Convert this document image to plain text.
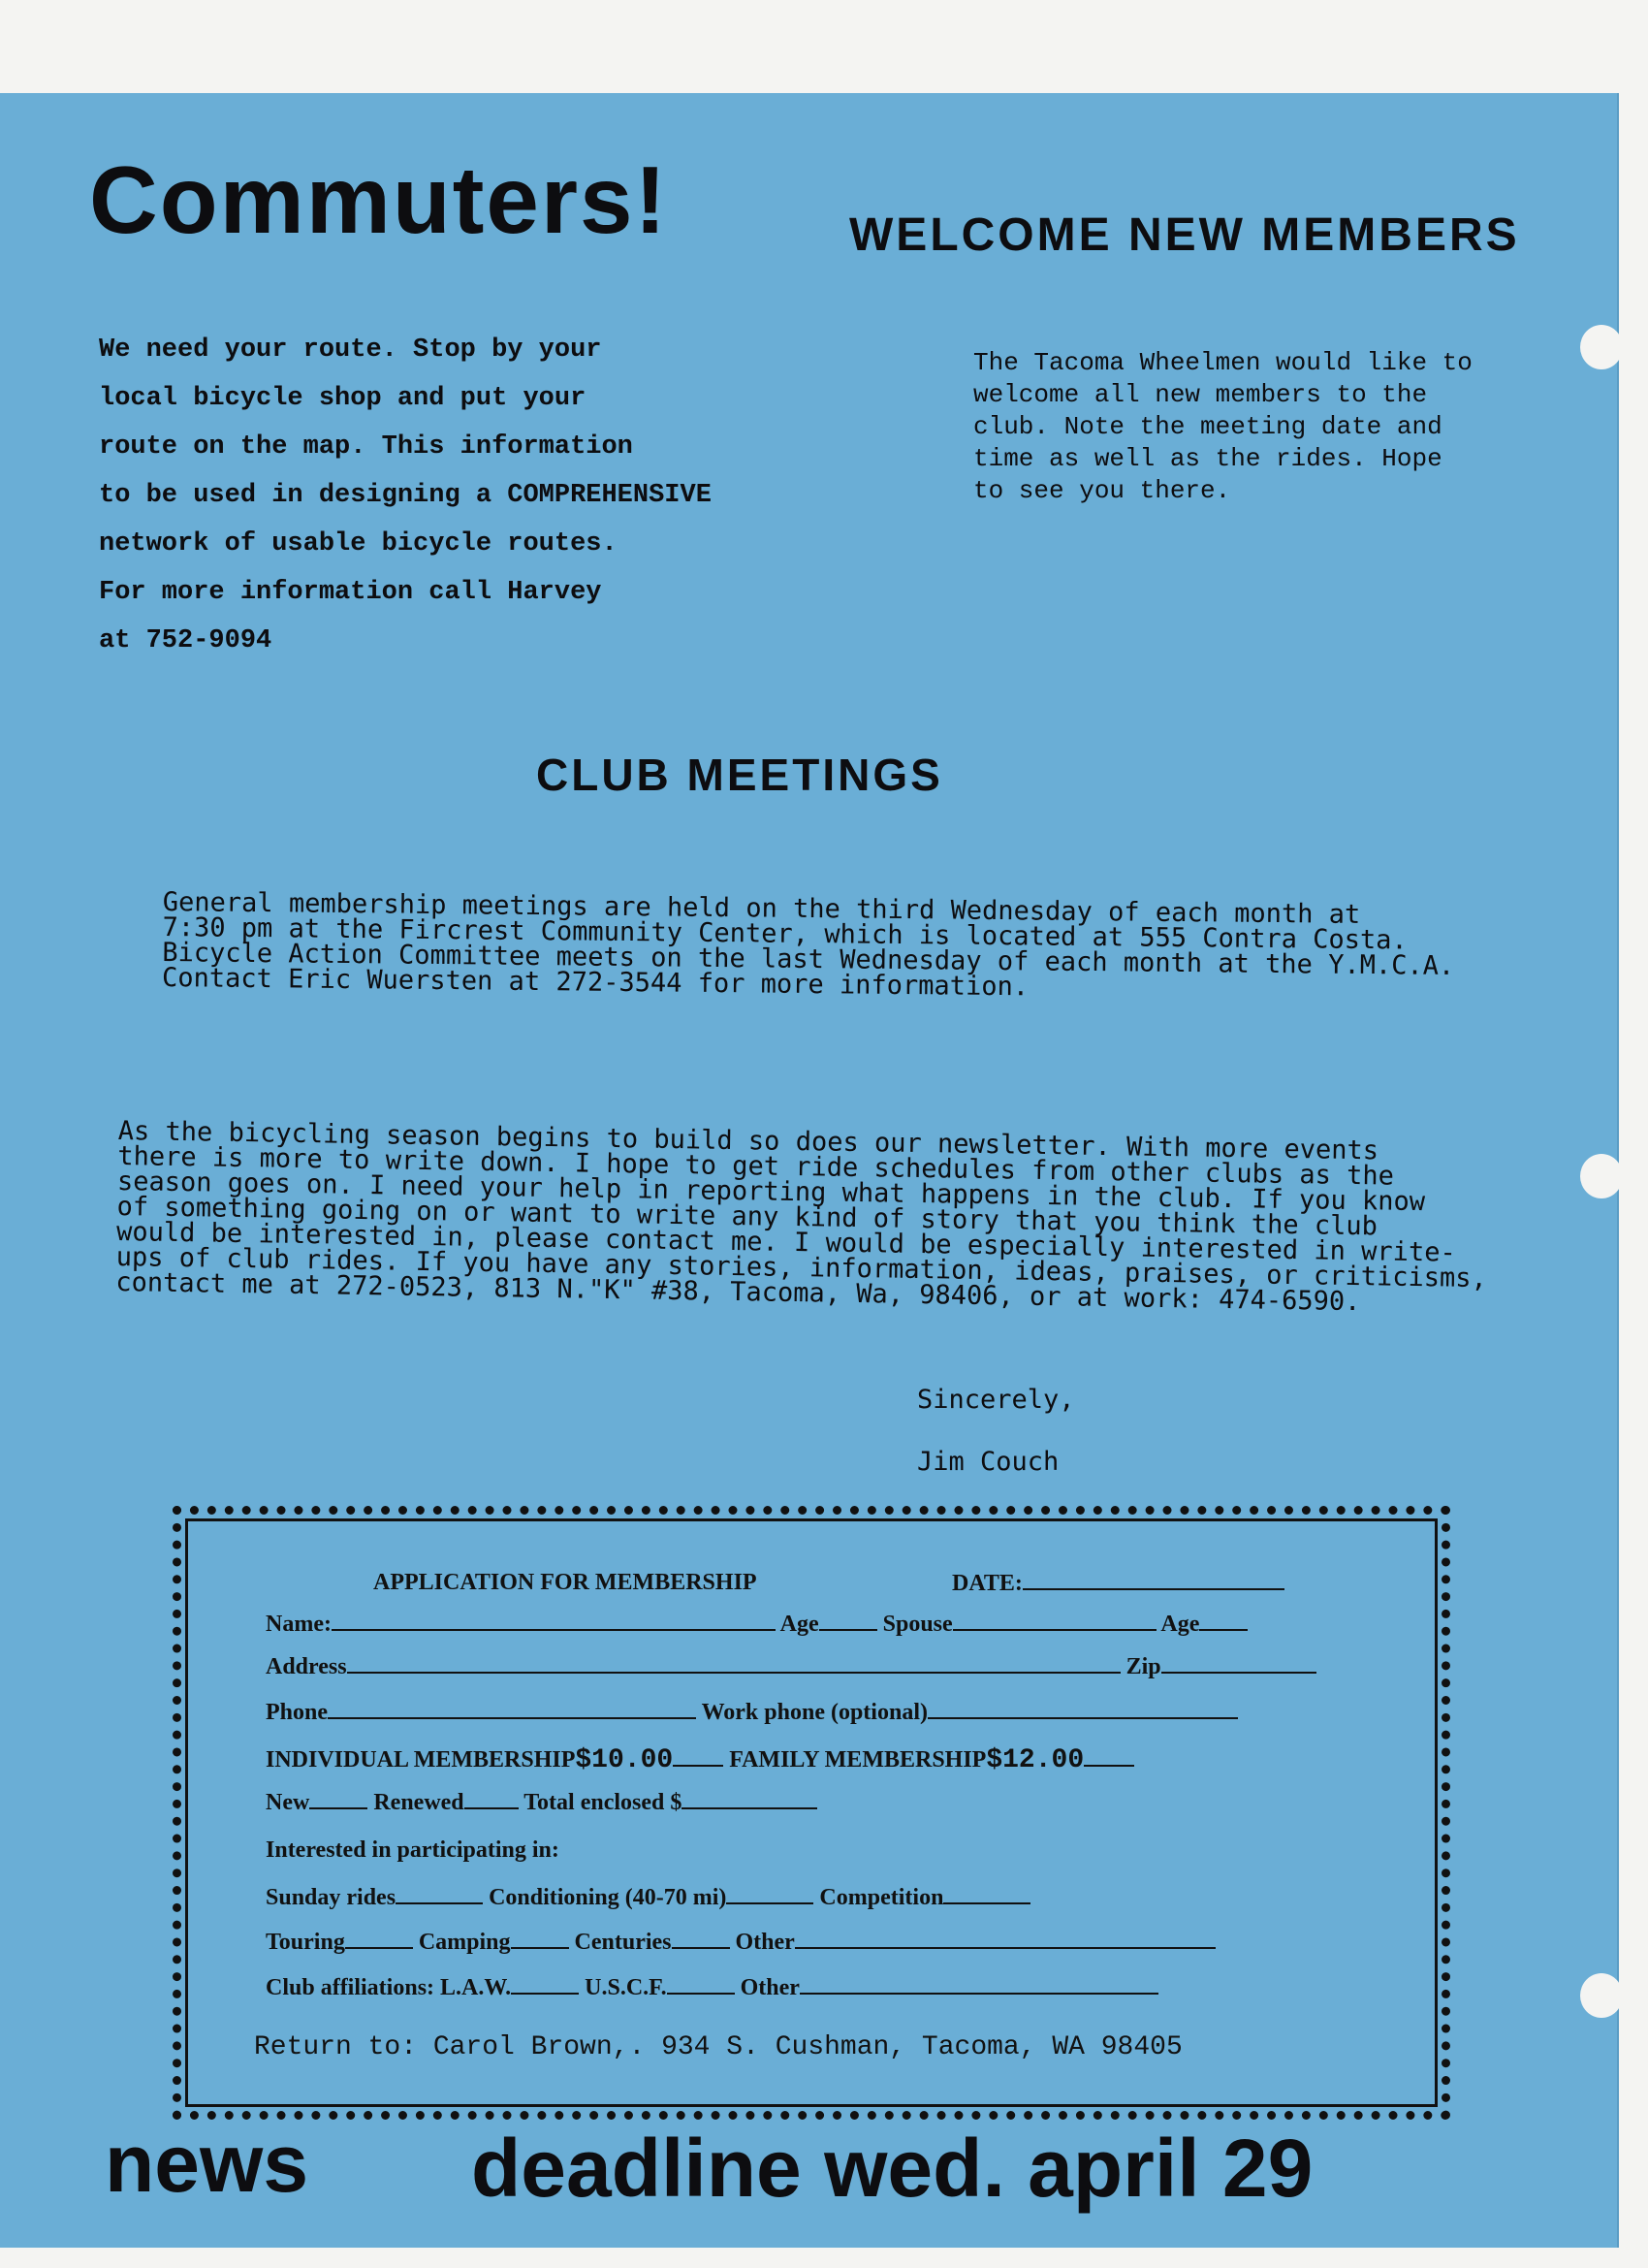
Commuters!	WELCOME NEW MEMBERS
We need your route. Stop by your
local bicycle shop and put your
route on the map. This information
to be used in designing a COMPREHENSIVE
network of usable bicycle routes.
For more information call Harvey
at 752-9094
The Tacoma Wheelmen would like to
welcome all new members to the
club. Note the meeting date and
time as well as the rides. Hope
to see you there.
CLUB MEETINGS
General membership meetings are held on the third Wednesday of each month at
7:30 pm at the Fircrest Community Center, which is located at 555 Contra Costa.
Bicycle Action Committee meets on the last Wednesday of each month at the Y.M.C.A.
Contact Eric Wuersten at 272-3544 for more information.
As the bicycling season begins to build so does our newsletter. With more events
there is more to write down. I hope to get ride schedules from other clubs as the
season goes on. I need your help in reporting what happens in the club. If you know
of something going on or want to write any kind of story that you think the club
would be interested in, please contact me. I would be especially interested in write-
ups of club rides. If you have any stories, information, ideas, praises, or criticisms,
contact me at 272-0523, 813 N."K" #38, Tacoma, Wa, 98406, or at work: 474-6590.
Sincerely,
Jim Couch
APPLICATION FOR MEMBERSHIP	DATE:
Name:	Age	Spouse	Age
Address	Zip
Phone	Work phone (optional)
INDIVIDUAL MEMBERSHIP$10.00 FAMILY MEMBERSHIP$12.00
New	Renewed	Total enclosed $
Interested in participating in:
Sunday rides	Conditioning (40-70 mi)	Competition
Touring	Camping	Centuries	Other
Club affiliations: L.A.W.	U.S.C.F.	Other
Return to: Carol Brown,. 934 S. Cushman, Tacoma, WA 98405
news deadline wed. april 29
